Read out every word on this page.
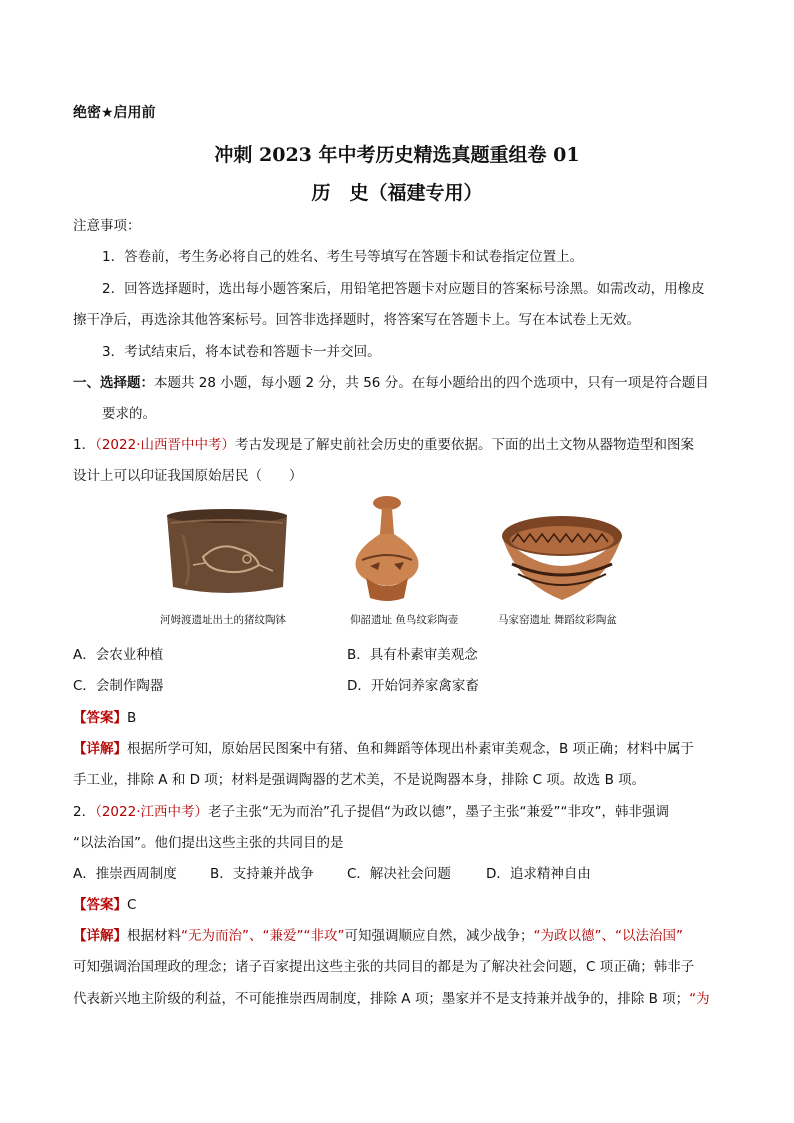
绝密★启用前
冲刺 2023 年中考历史精选真题重组卷 01
历　史（福建专用）
注意事项：
1．答卷前，考生务必将自己的姓名、考生号等填写在答题卡和试卷指定位置上。
2．回答选择题时，选出每小题答案后，用铅笔把答题卡对应题目的答案标号涂黑。如需改动，用橡皮
擦干净后，再选涂其他答案标号。回答非选择题时，将答案写在答题卡上。写在本试卷上无效。
3．考试结束后，将本试卷和答题卡一并交回。
一、选择题：本题共 28 小题，每小题 2 分，共 56 分。在每小题给出的四个选项中，只有一项是符合题目
要求的。
1．（2022·山西晋中中考）考古发现是了解史前社会历史的重要依据。下面的出土文物从器物造型和图案
设计上可以印证我国原始居民（　　）
河姆渡遗址出土的猪纹陶钵	仰韶遗址 鱼鸟纹彩陶壶	马家窑遗址 舞蹈纹彩陶盆
A．会农业种植	B．具有朴素审美观念
C．会制作陶器	D．开始饲养家禽家畜
【答案】B
【详解】根据所学可知，原始居民图案中有猪、鱼和舞蹈等体现出朴素审美观念，B 项正确；材料中属于
手工业，排除 A 和 D 项；材料是强调陶器的艺术美，不是说陶器本身，排除 C 项。故选 B 项。
2．（2022·江西中考）老子主张“无为而治”孔子提倡“为政以德”，墨子主张“兼爱”“非攻”，韩非强调
“以法治国”。他们提出这些主张的共同目的是
A．推崇西周制度 B．支持兼并战争 C．解决社会问题	D．追求精神自由
【答案】C
【详解】根据材料“无为而治”、“兼爱”“非攻”可知强调顺应自然，减少战争；“为政以德”、“以法治国”
可知强调治国理政的理念；诸子百家提出这些主张的共同目的都是为了解决社会问题，C 项正确；韩非子
代表新兴地主阶级的利益，不可能推崇西周制度，排除 A 项；墨家并不是支持兼并战争的，排除 B 项；“为
